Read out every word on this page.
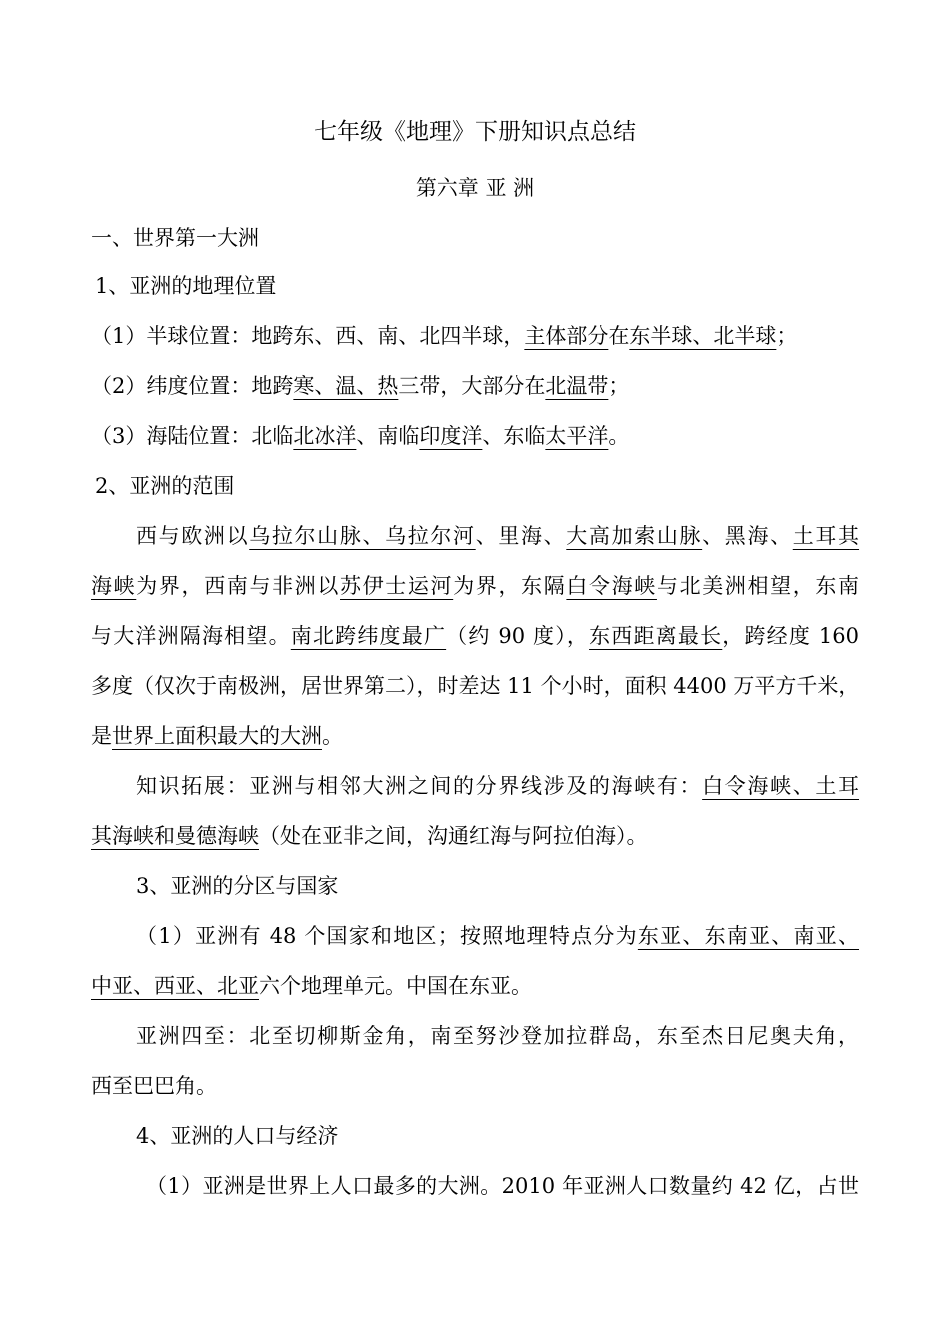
七年级《地理》下册知识点总结
第六章 亚 洲
一、世界第一大洲
1、亚洲的地理位置
（1）半球位置：地跨东、西、南、北四半球，主体部分在东半球、北半球；
（2）纬度位置：地跨寒、温、热三带，大部分在北温带；
（3）海陆位置：北临北冰洋、南临印度洋、东临太平洋。
2、亚洲的范围
西与欧洲以乌拉尔山脉、乌拉尔河、里海、大高加索山脉、黑海、土耳其
海峡为界，西南与非洲以苏伊士运河为界，东隔白令海峡与北美洲相望，东南
与大洋洲隔海相望。南北跨纬度最广（约 90 度），东西距离最长，跨经度 160
多度（仅次于南极洲，居世界第二），时差达 11 个小时，面积 4400 万平方千米，
是世界上面积最大的大洲。
知识拓展：亚洲与相邻大洲之间的分界线涉及的海峡有：白令海峡、土耳
其海峡和曼德海峡（处在亚非之间，沟通红海与阿拉伯海）。
3、亚洲的分区与国家
（1）亚洲有 48 个国家和地区；按照地理特点分为东亚、东南亚、南亚、
中亚、西亚、北亚六个地理单元。中国在东亚。
亚洲四至：北至切柳斯金角，南至努沙登加拉群岛，东至杰日尼奥夫角，
西至巴巴角。
4、亚洲的人口与经济
（1）亚洲是世界上人口最多的大洲。2010 年亚洲人口数量约 42 亿，占世
